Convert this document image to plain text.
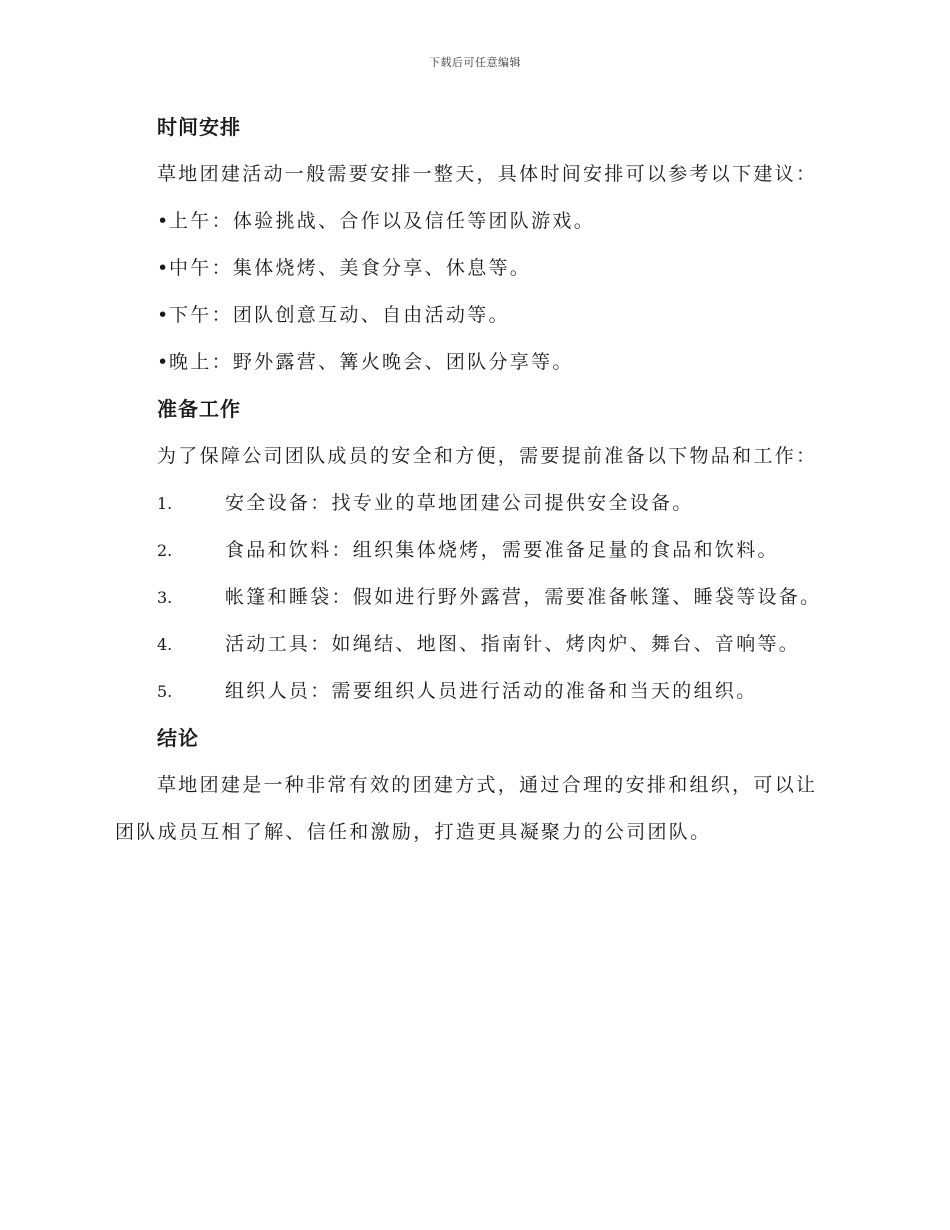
下载后可任意编辑
时间安排
草地团建活动一般需要安排一整天，具体时间安排可以参考以下建议：
•
上午：体验挑战、合作以及信任等团队游戏。
•
中午：集体烧烤、美食分享、休息等。
•
下午：团队创意互动、自由活动等。
•
晚上：野外露营、篝火晚会、团队分享等。
准备工作
为了保障公司团队成员的安全和方便，需要提前准备以下物品和工作：
1.	安全设备：找专业的草地团建公司提供安全设备。
2.	食品和饮料：组织集体烧烤，需要准备足量的食品和饮料。
3.	帐篷和睡袋：假如进行野外露营，需要准备帐篷、睡袋等设备。
4.	活动工具：如绳结、地图、指南针、烤肉炉、舞台、音响等。
5.	组织人员：需要组织人员进行活动的准备和当天的组织。
结论
草地团建是一种非常有效的团建方式，通过合理的安排和组织，可以让团队成员互相了解、信任和激励，打造更具凝聚力的公司团队。
